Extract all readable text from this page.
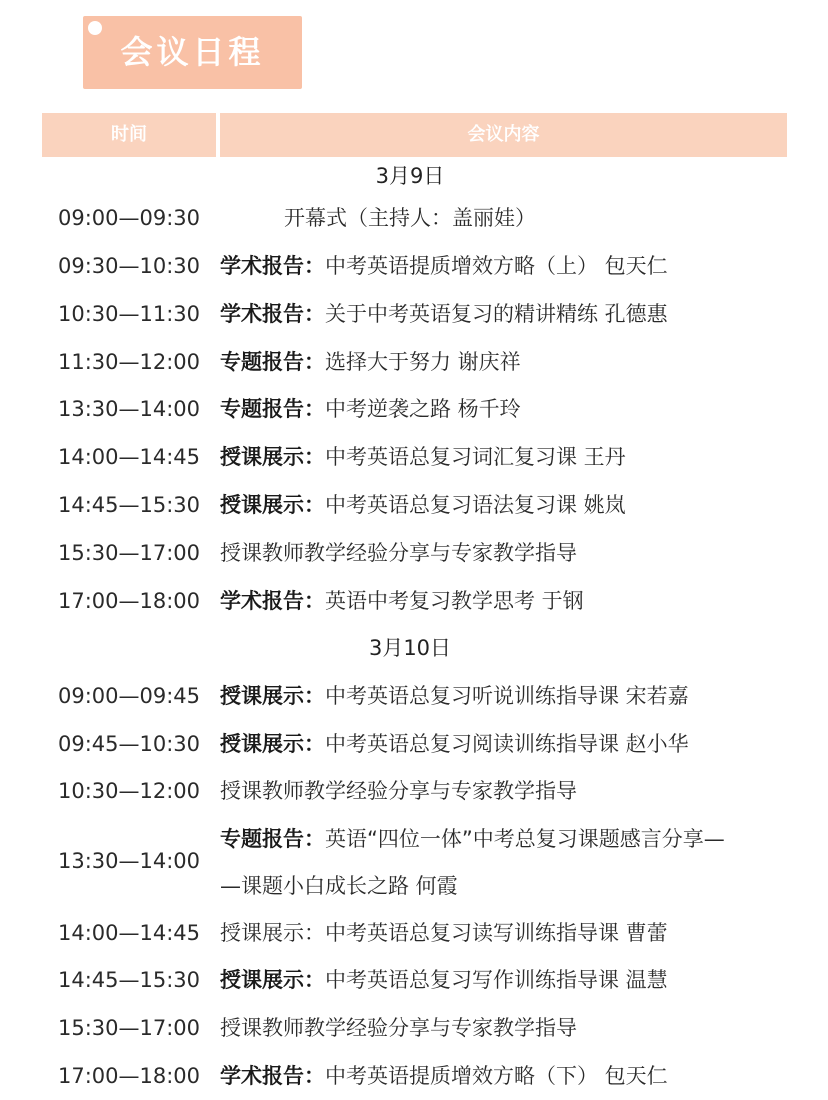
会议日程
时间	会议内容
3月9日
09:00—09:30	开幕式（主持人：盖丽娃）
09:30—10:30 学术报告：中考英语提质增效方略（上） 包天仁
10:30—11:30 学术报告：关于中考英语复习的精讲精练 孔德惠
11:30—12:00 专题报告：选择大于努力 谢庆祥
13:30—14:00 专题报告：中考逆袭之路 杨千玲
14:00—14:45 授课展示：中考英语总复习词汇复习课 王丹
14:45—15:30 授课展示：中考英语总复习语法复习课 姚岚
15:30—17:00 授课教师教学经验分享与专家教学指导
17:00—18:00 学术报告：英语中考复习教学思考 于钢
3月10日
09:00—09:45 授课展示：中考英语总复习听说训练指导课 宋若嘉
09:45—10:30 授课展示：中考英语总复习阅读训练指导课 赵小华
10:30—12:00 授课教师教学经验分享与专家教学指导
13:30—14:00
专题报告：英语“四位一体”中考总复习课题感言分享—
—课题小白成长之路 何霞
14:00—14:45 授课展示：中考英语总复习读写训练指导课 曹蕾
14:45—15:30 授课展示：中考英语总复习写作训练指导课 温慧
15:30—17:00 授课教师教学经验分享与专家教学指导
17:00—18:00 学术报告：中考英语提质增效方略（下） 包天仁
